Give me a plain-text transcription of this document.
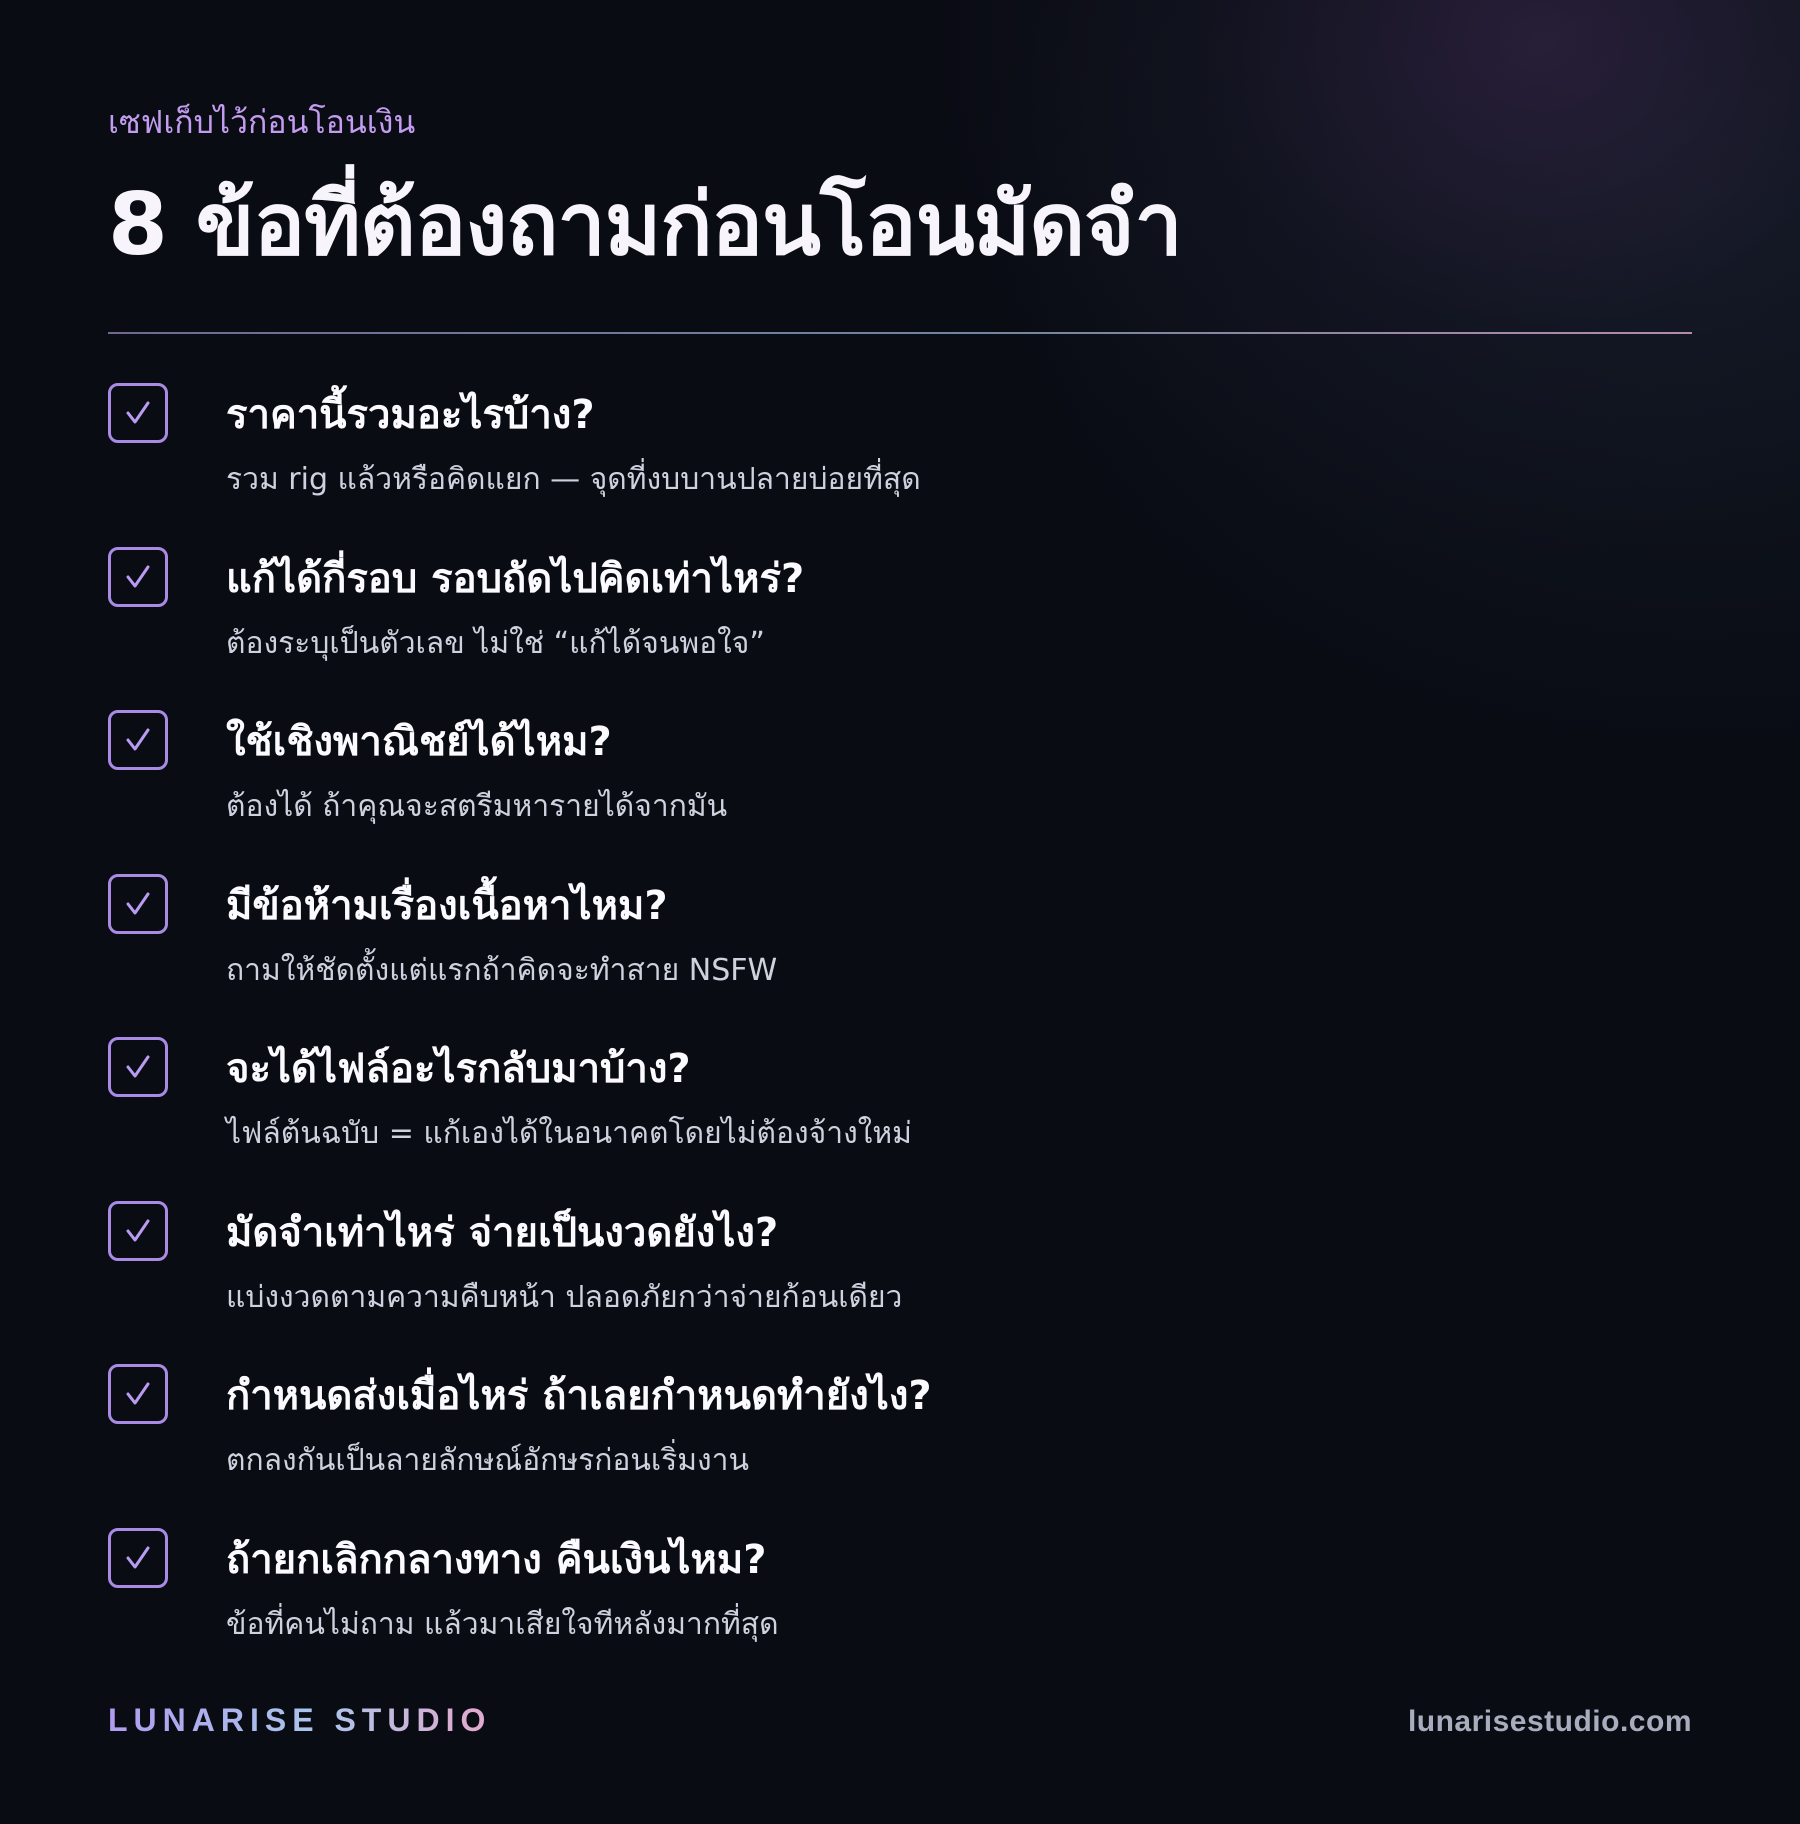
เซฟเก็บไว้ก่อนโอนเงิน
8 ข้อที่ต้องถามก่อนโอนมัดจำ
ราคานี้รวมอะไรบ้าง?
รวม rig แล้วหรือคิดแยก — จุดที่งบบานปลายบ่อยที่สุด
แก้ได้กี่รอบ รอบถัดไปคิดเท่าไหร่?
ต้องระบุเป็นตัวเลข ไม่ใช่ “แก้ได้จนพอใจ”
ใช้เชิงพาณิชย์ได้ไหม?
ต้องได้ ถ้าคุณจะสตรีมหารายได้จากมัน
มีข้อห้ามเรื่องเนื้อหาไหม?
ถามให้ชัดตั้งแต่แรกถ้าคิดจะทำสาย NSFW
จะได้ไฟล์อะไรกลับมาบ้าง?
ไฟล์ต้นฉบับ = แก้เองได้ในอนาคตโดยไม่ต้องจ้างใหม่
มัดจำเท่าไหร่ จ่ายเป็นงวดยังไง?
แบ่งงวดตามความคืบหน้า ปลอดภัยกว่าจ่ายก้อนเดียว
กำหนดส่งเมื่อไหร่ ถ้าเลยกำหนดทำยังไง?
ตกลงกันเป็นลายลักษณ์อักษรก่อนเริ่มงาน
ถ้ายกเลิกกลางทาง คืนเงินไหม?
ข้อที่คนไม่ถาม แล้วมาเสียใจทีหลังมากที่สุด
LUNARISE STUDIO	lunarisestudio.com
